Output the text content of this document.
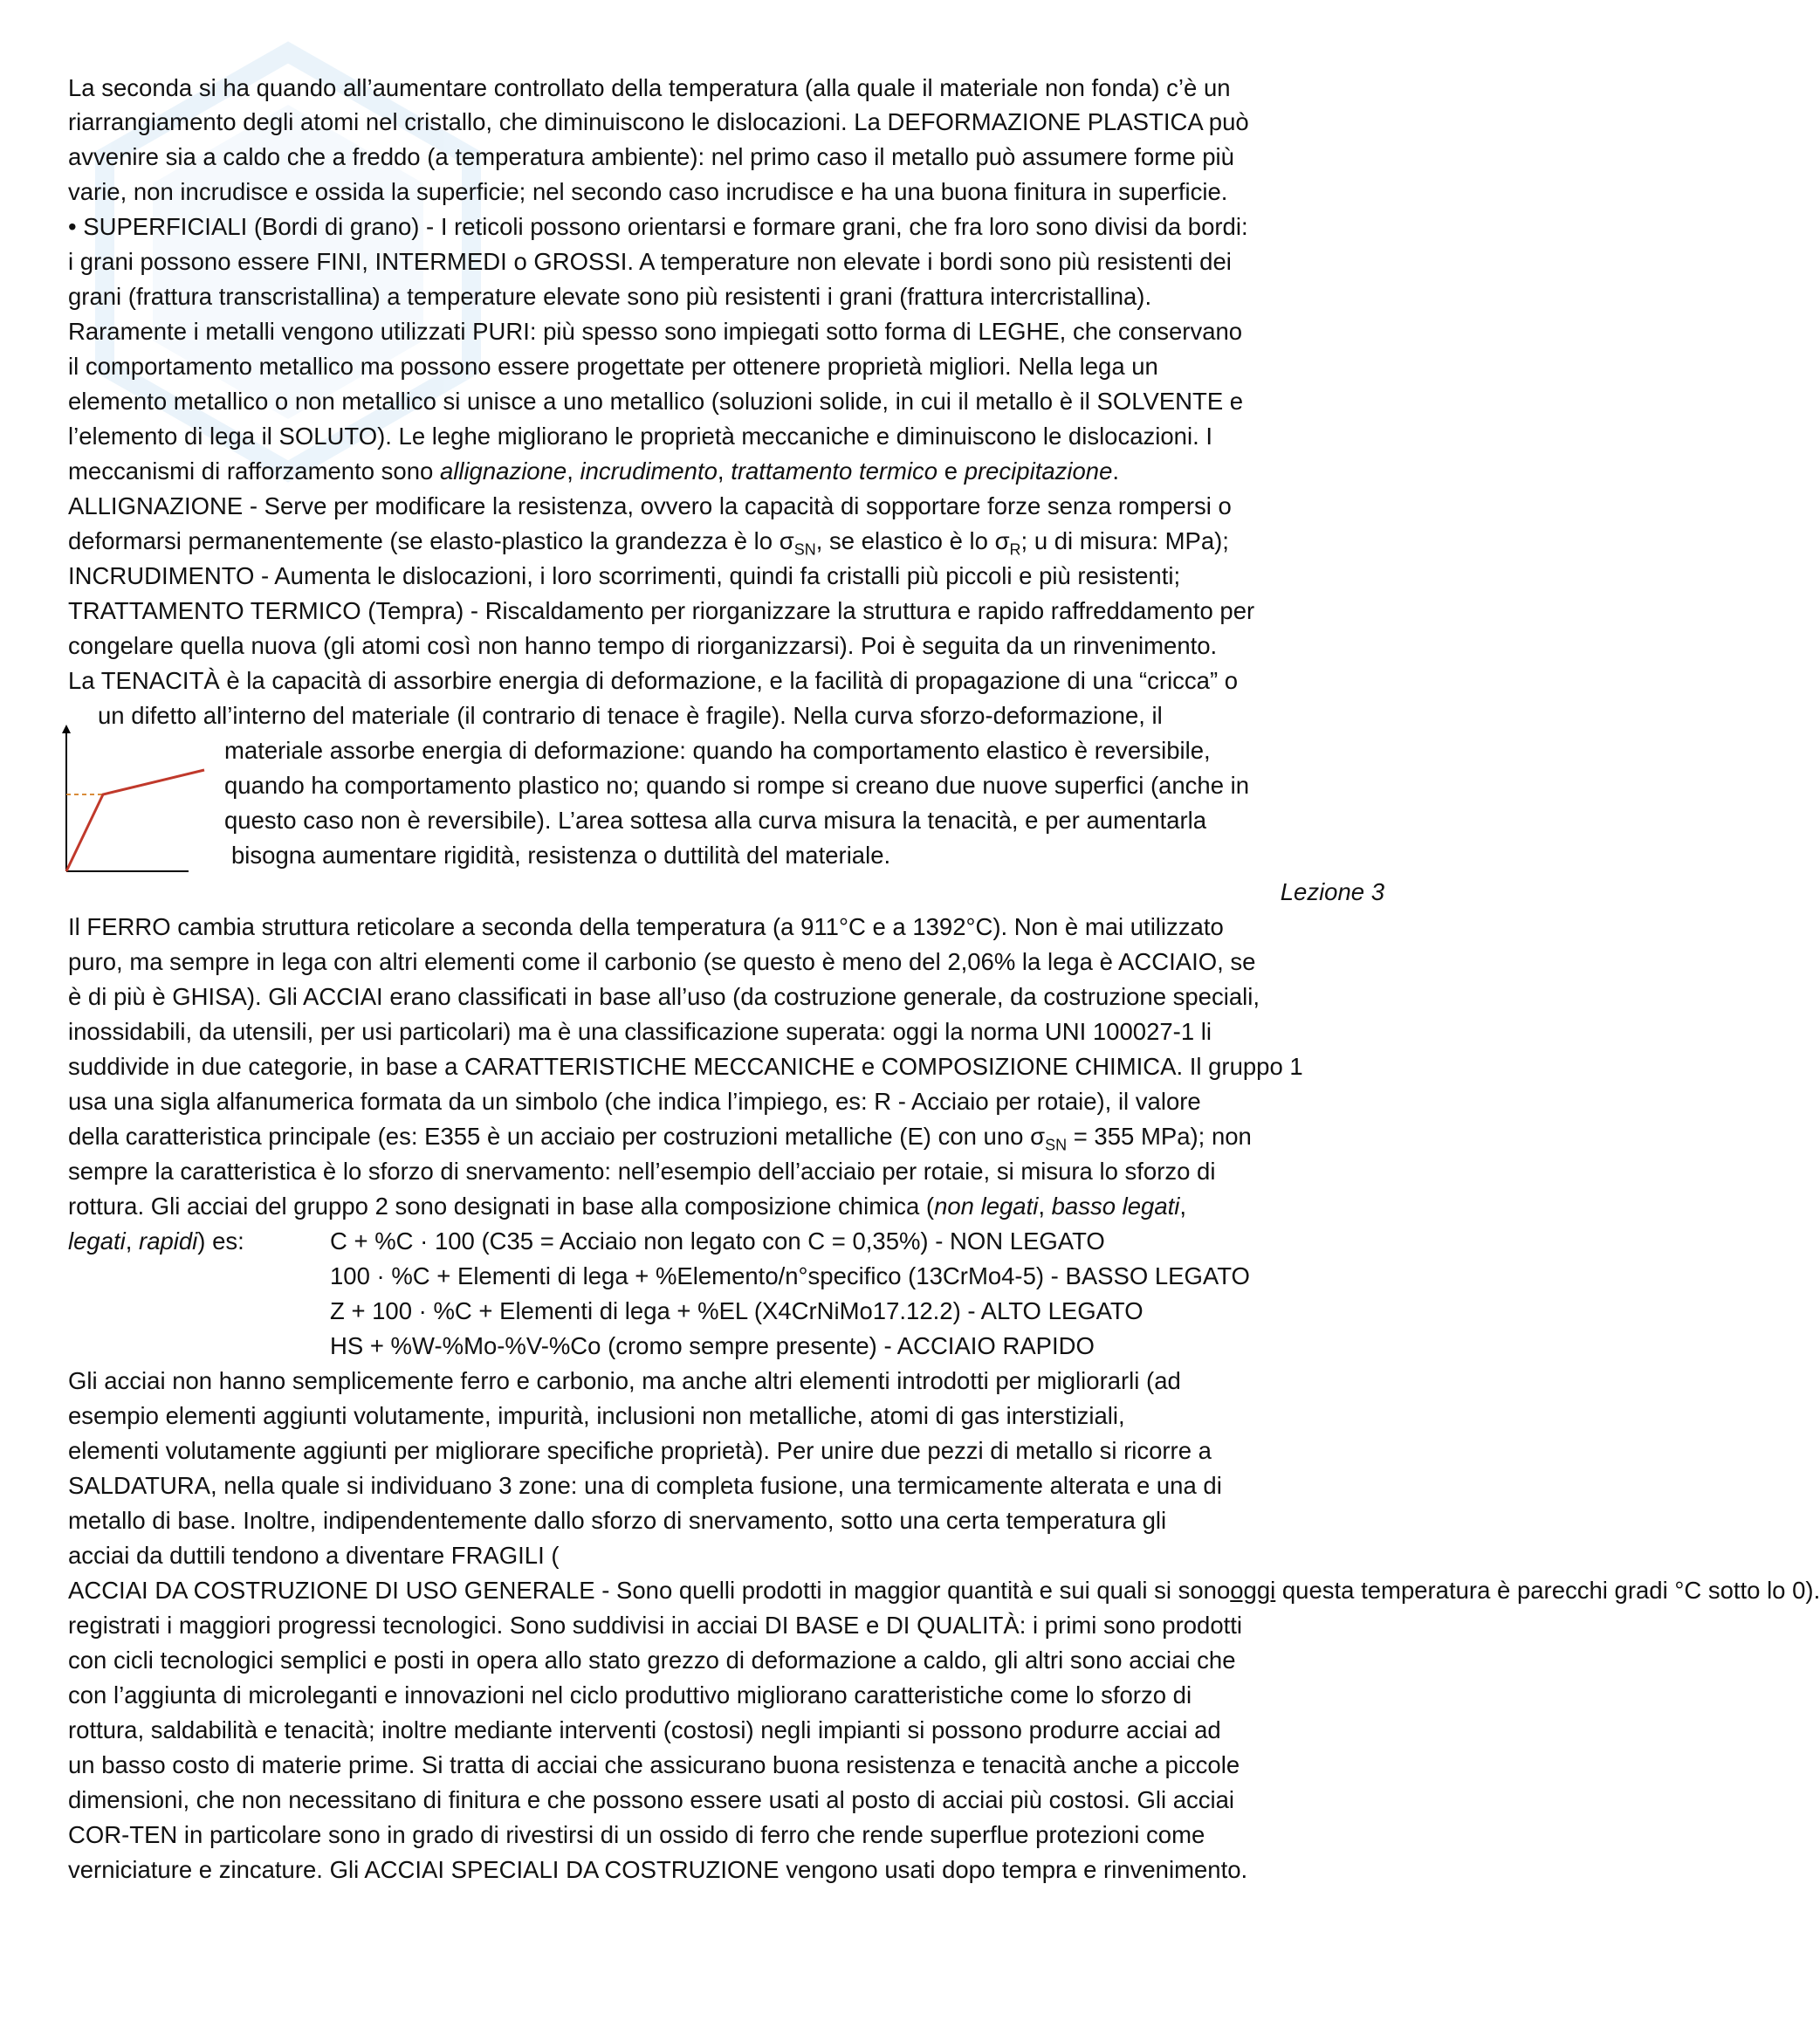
La seconda si ha quando all’aumentare controllato della temperatura (alla quale il materiale non fonda) c’è un
riarrangiamento degli atomi nel cristallo, che diminuiscono le dislocazioni. La DEFORMAZIONE PLASTICA può
avvenire sia a caldo che a freddo (a temperatura ambiente): nel primo caso il metallo può assumere forme più
varie, non incrudisce e ossida la superficie; nel secondo caso incrudisce e ha una buona finitura in superficie.
• SUPERFICIALI (Bordi di grano) - I reticoli possono orientarsi e formare grani, che fra loro sono divisi da bordi:
i grani possono essere FINI, INTERMEDI o GROSSI. A temperature non elevate i bordi sono più resistenti dei
grani (frattura transcristallina) a temperature elevate sono più resistenti i grani (frattura intercristallina).
Raramente i metalli vengono utilizzati PURI: più spesso sono impiegati sotto forma di LEGHE, che conservano
il comportamento metallico ma possono essere progettate per ottenere proprietà migliori. Nella lega un
elemento metallico o non metallico si unisce a uno metallico (soluzioni solide, in cui il metallo è il SOLVENTE e
l’elemento di lega il SOLUTO). Le leghe migliorano le proprietà meccaniche e diminuiscono le dislocazioni. I
meccanismi di rafforzamento sono allignazione, incrudimento, trattamento termico e precipitazione.
ALLIGNAZIONE - Serve per modificare la resistenza, ovvero la capacità di sopportare forze senza rompersi o
deformarsi permanentemente (se elasto-plastico la grandezza è lo $\sigma_{SN}$, se elastico è lo $\sigma_R$; u di misura: MPa);
INCRUDIMENTO - Aumenta le dislocazioni, i loro scorrimenti, quindi fa cristalli più piccoli e più resistenti;
TRATTAMENTO TERMICO (Tempra) - Riscaldamento per riorganizzare la struttura e rapido raffreddamento per
congelare quella nuova (gli atomi così non hanno tempo di riorganizzarsi). Poi è seguita da un rinvenimento.
La TENACITÀ è la capacità di assorbire energia di deformazione, e la facilità di propagazione di una “cricca” o
un difetto all’interno del materiale (il contrario di tenace è fragile). Nella curva sforzo-deformazione, il
materiale assorbe energia di deformazione: quando ha comportamento elastico è reversibile,
quando ha comportamento plastico no; quando si rompe si creano due nuove superfici (anche in
questo caso non è reversibile). L’area sottesa alla curva misura la tenacità, e per aumentarla
bisogna aumentare rigidità, resistenza o duttilità del materiale.
Lezione 3
Il FERRO cambia struttura reticolare a seconda della temperatura (a 911°C e a 1392°C). Non è mai utilizzato
puro, ma sempre in lega con altri elementi come il carbonio (se questo è meno del 2,06% la lega è ACCIAIO, se
è di più è GHISA). Gli ACCIAI erano classificati in base all’uso (da costruzione generale, da costruzione speciali,
inossidabili, da utensili, per usi particolari) ma è una classificazione superata: oggi la norma UNI 100027-1 li
suddivide in due categorie, in base a CARATTERISTICHE MECCANICHE e COMPOSIZIONE CHIMICA. Il gruppo 1
usa una sigla alfanumerica formata da un simbolo (che indica l’impiego, es: R - Acciaio per rotaie), il valore
della caratteristica principale (es: E355 è un acciaio per costruzioni metalliche (E) con uno $\sigma_{SN} = 355$ MPa); non
sempre la caratteristica è lo sforzo di snervamento: nell’esempio dell’acciaio per rotaie, si misura lo sforzo di
rottura. Gli acciai del gruppo 2 sono designati in base alla composizione chimica (non legati, basso legati,
legati, rapidi) es:	C + %C · 100 (C35 = Acciaio non legato con C = 0,35%) - NON LEGATO
100 · %C + Elementi di lega + %Elemento/n°specifico (13CrMo4-5) - BASSO LEGATO
Z + 100 · %C + Elementi di lega + %EL (X4CrNiMo17.12.2) - ALTO LEGATO
HS + %W-%Mo-%V-%Co (cromo sempre presente) - ACCIAIO RAPIDO
Gli acciai non hanno semplicemente ferro e carbonio, ma anche altri elementi introdotti per migliorarli (ad
esempio elementi aggiunti volutamente, impurità, inclusioni non metalliche, atomi di gas interstiziali,
elementi volutamente aggiunti per migliorare specifiche proprietà). Per unire due pezzi di metallo si ricorre a
SALDATURA, nella quale si individuano 3 zone: una di completa fusione, una termicamente alterata e una di
metallo di base. Inoltre, indipendentemente dallo sforzo di snervamento, sotto una certa temperatura gli
acciai da duttili tendono a diventare FRAGILI (
ACCIAI DA COSTRUZIONE DI USO GENERALE - Sono quelli prodotti in maggior quantità e sui quali si sonooggi questa temperatura è parecchi gradi °C sotto lo 0).
registrati i maggiori progressi tecnologici. Sono suddivisi in acciai DI BASE e DI QUALITÀ: i primi sono prodotti
con cicli tecnologici semplici e posti in opera allo stato grezzo di deformazione a caldo, gli altri sono acciai che
con l’aggiunta di microleganti e innovazioni nel ciclo produttivo migliorano caratteristiche come lo sforzo di
rottura, saldabilità e tenacità; inoltre mediante interventi (costosi) negli impianti si possono produrre acciai ad
un basso costo di materie prime. Si tratta di acciai che assicurano buona resistenza e tenacità anche a piccole
dimensioni, che non necessitano di finitura e che possono essere usati al posto di acciai più costosi. Gli acciai
COR-TEN in particolare sono in grado di rivestirsi di un ossido di ferro che rende superflue protezioni come
verniciature e zincature. Gli ACCIAI SPECIALI DA COSTRUZIONE vengono usati dopo tempra e rinvenimento.
